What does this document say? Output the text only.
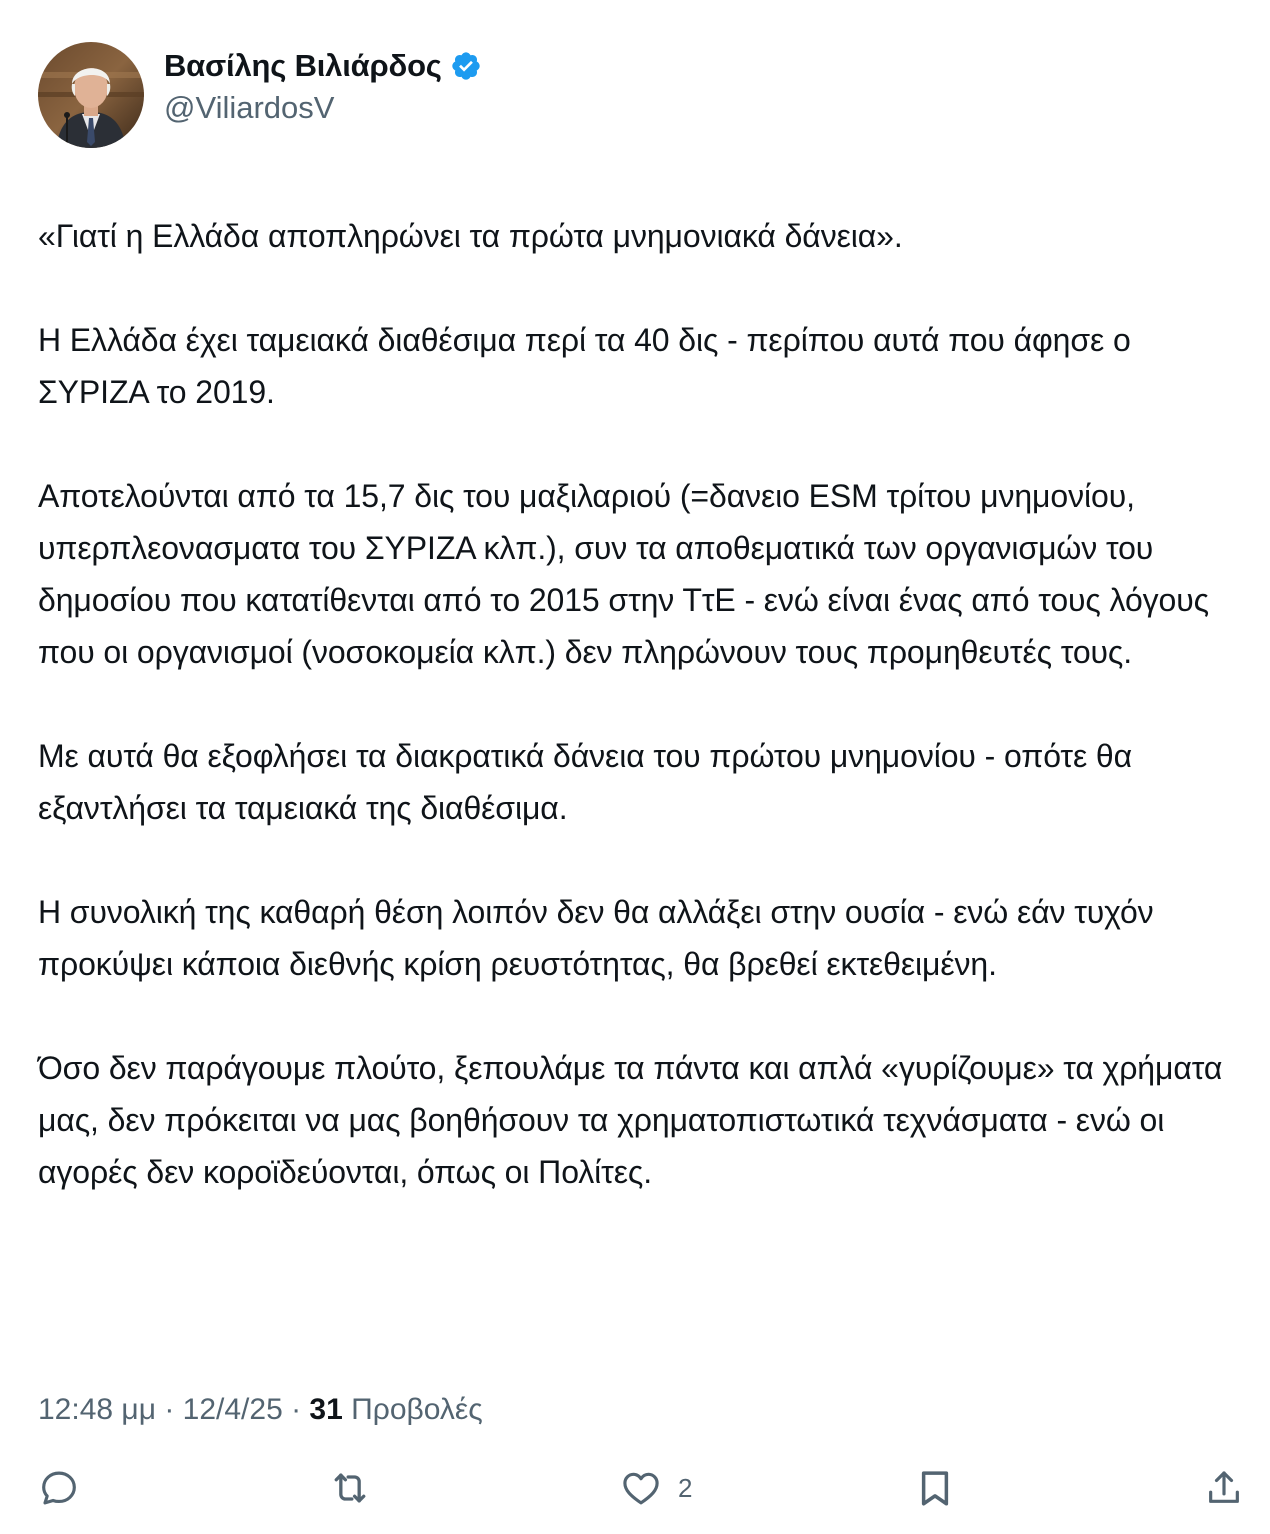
Βασίλης Βιλιάρδος
@ViliardosV

«Γιατί η Ελλάδα αποπληρώνει τα πρώτα μνημονιακά δάνεια».

Η Ελλάδα έχει ταμειακά διαθέσιμα περί τα 40 δις - περίπου αυτά που άφησε ο ΣΥΡΙΖΑ το 2019.

Αποτελούνται από τα 15,7 δις του μαξιλαριού (=δανειο ESM τρίτου μνημονίου, υπερπλεονασματα του ΣΥΡΙΖΑ κλπ.), συν τα αποθεματικά των οργανισμών του δημοσίου που κατατίθενται από το 2015 στην ΤτΕ - ενώ είναι ένας από τους λόγους που οι οργανισμοί (νοσοκομεία κλπ.) δεν πληρώνουν τους προμηθευτές τους.

Με αυτά θα εξοφλήσει τα διακρατικά δάνεια του πρώτου μνημονίου - οπότε θα εξαντλήσει τα ταμειακά της διαθέσιμα.

Η συνολική της καθαρή θέση λοιπόν δεν θα αλλάξει στην ουσία - ενώ εάν τυχόν προκύψει κάποια διεθνής κρίση ρευστότητας, θα βρεθεί εκτεθειμένη.

Όσο δεν παράγουμε πλούτο, ξεπουλάμε τα πάντα και απλά «γυρίζουμε» τα χρήματα μας, δεν πρόκειται να μας βοηθήσουν τα χρηματοπιστωτικά τεχνάσματα - ενώ οι αγορές δεν κοροϊδεύονται, όπως οι Πολίτες.

12:48 μμ · 12/4/25 · 31 Προβολές
2
